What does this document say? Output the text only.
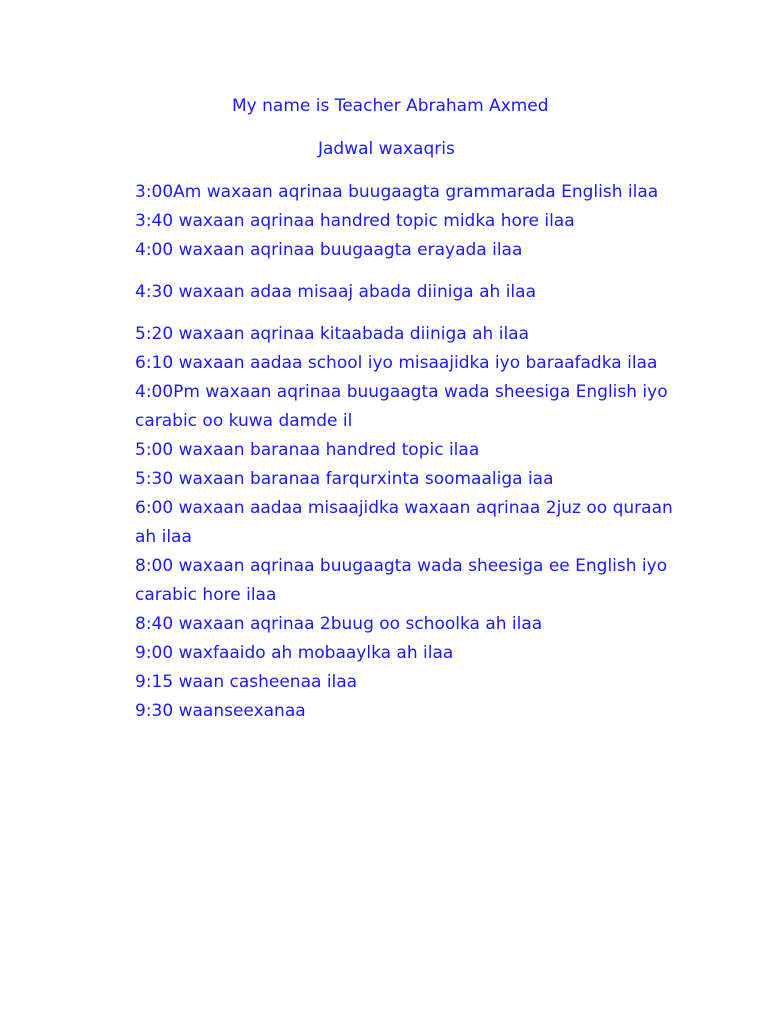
My name is Teacher Abraham Axmed
Jadwal waxaqris

3:00Am waxaan aqrinaa buugaagta grammarada English ilaa

3:40 waxaan aqrinaa handred topic midka hore ilaa

4:00 waxaan aqrinaa buugaagta erayada ilaa

4:30 waxaan adaa misaaj abada diiniga ah ilaa

5:20 waxaan aqrinaa kitaabada diiniga ah ilaa

6:10 waxaan aadaa school iyo misaajidka iyo baraafadka ilaa

4:00Pm waxaan aqrinaa buugaagta wada sheesiga English iyo carabic oo kuwa damde il

5:00 waxaan baranaa handred topic ilaa

5:30 waxaan baranaa farqurxinta soomaaliga iaa

6:00 waxaan aadaa misaajidka waxaan aqrinaa 2juz oo quraan ah ilaa

8:00 waxaan aqrinaa buugaagta wada sheesiga ee English iyo carabic hore ilaa

8:40 waxaan aqrinaa 2buug oo schoolka ah ilaa

9:00 waxfaaido ah mobaaylka ah ilaa

9:15 waan casheenaa ilaa

9:30 waanseexanaa
